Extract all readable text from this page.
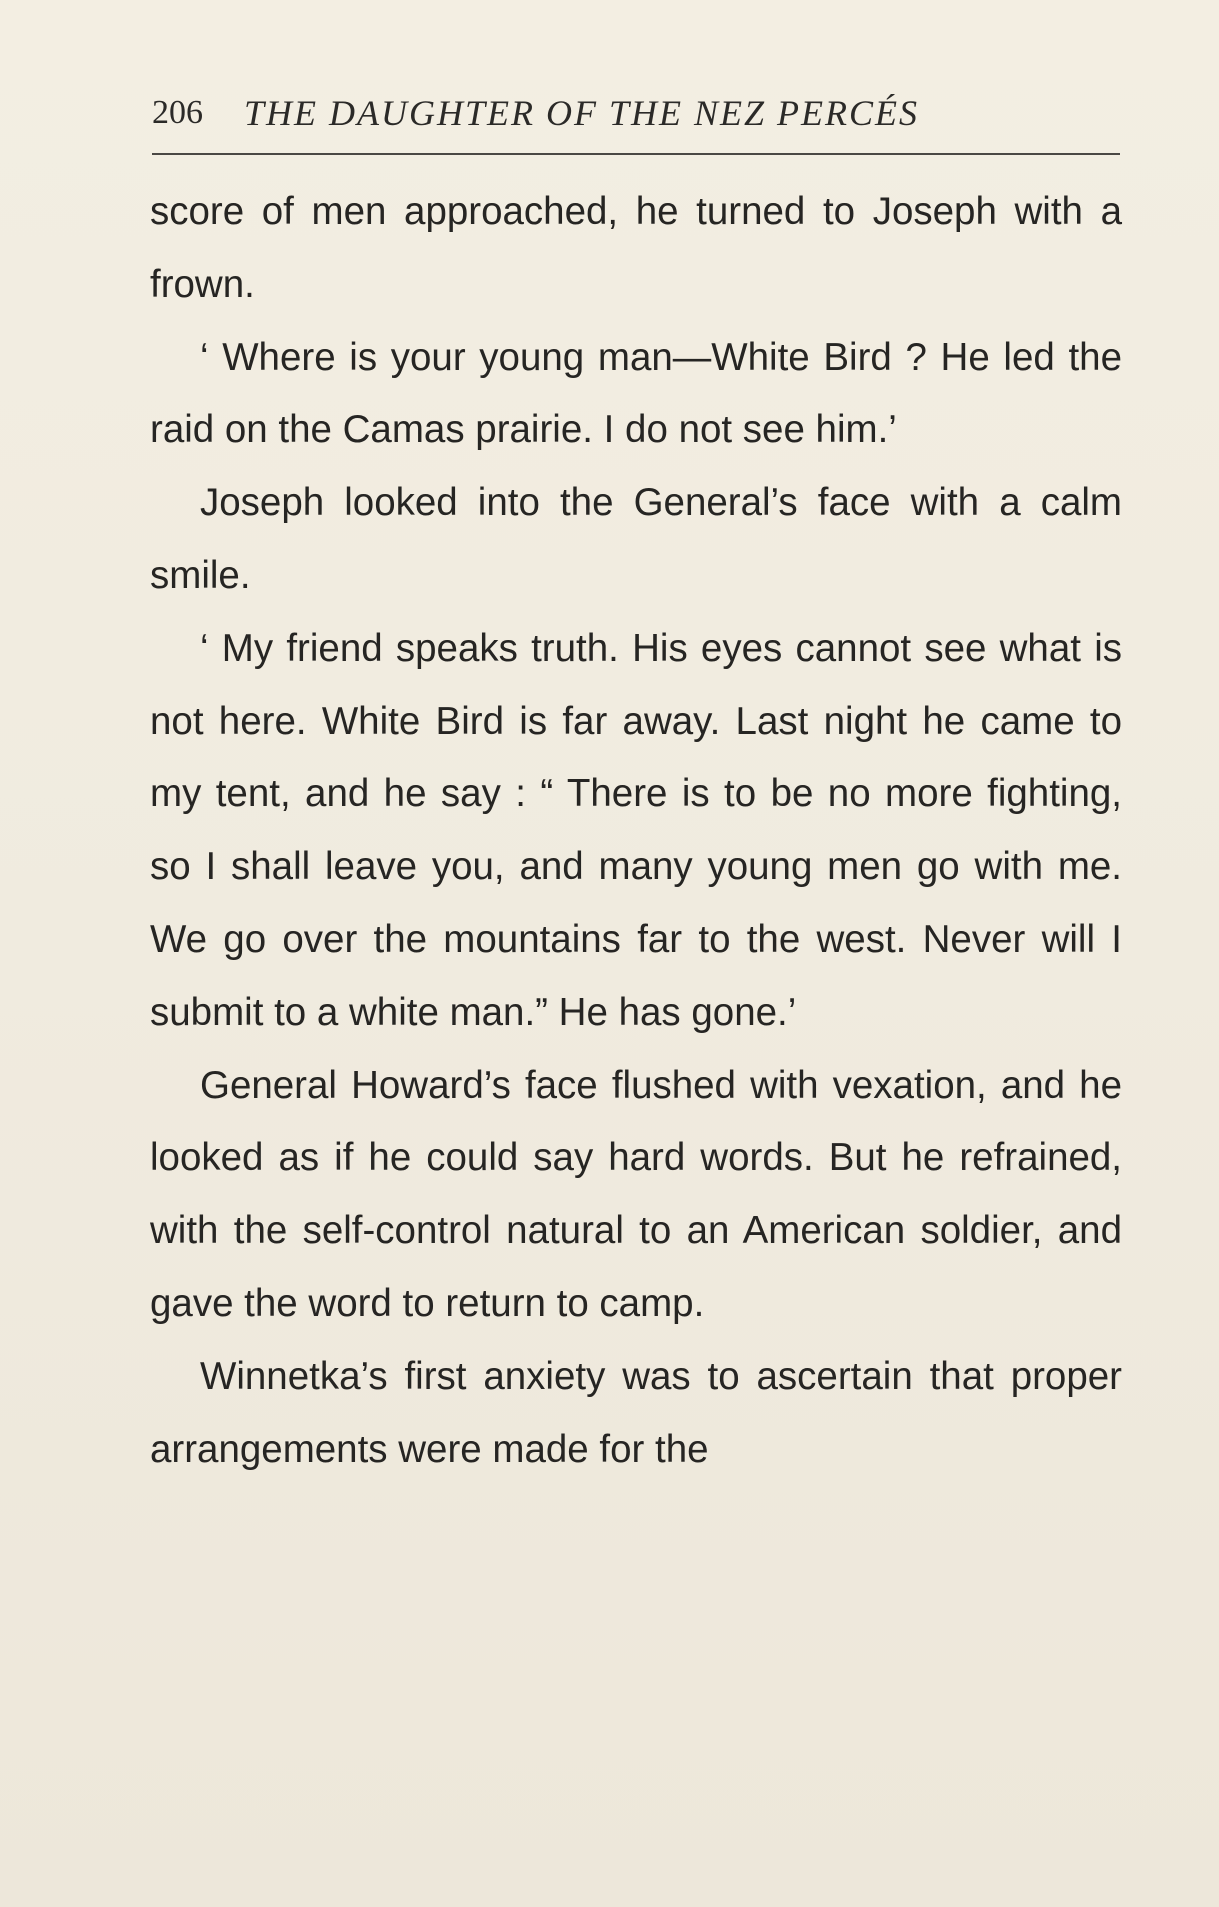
206 THE DAUGHTER OF THE NEZ PERCÉS

score of men approached, he turned to Joseph with a frown.

‘ Where is your young man—White Bird ? He led the raid on the Camas prairie. I do not see him.’

Joseph looked into the General’s face with a calm smile.

‘ My friend speaks truth. His eyes cannot see what is not here. White Bird is far away. Last night he came to my tent, and he say : “ There is to be no more fighting, so I shall leave you, and many young men go with me. We go over the mountains far to the west. Never will I submit to a white man.” He has gone.’

General Howard’s face flushed with vexation, and he looked as if he could say hard words. But he refrained, with the self-control natural to an American soldier, and gave the word to return to camp.

Winnetka’s first anxiety was to ascertain that proper arrangements were made for the
